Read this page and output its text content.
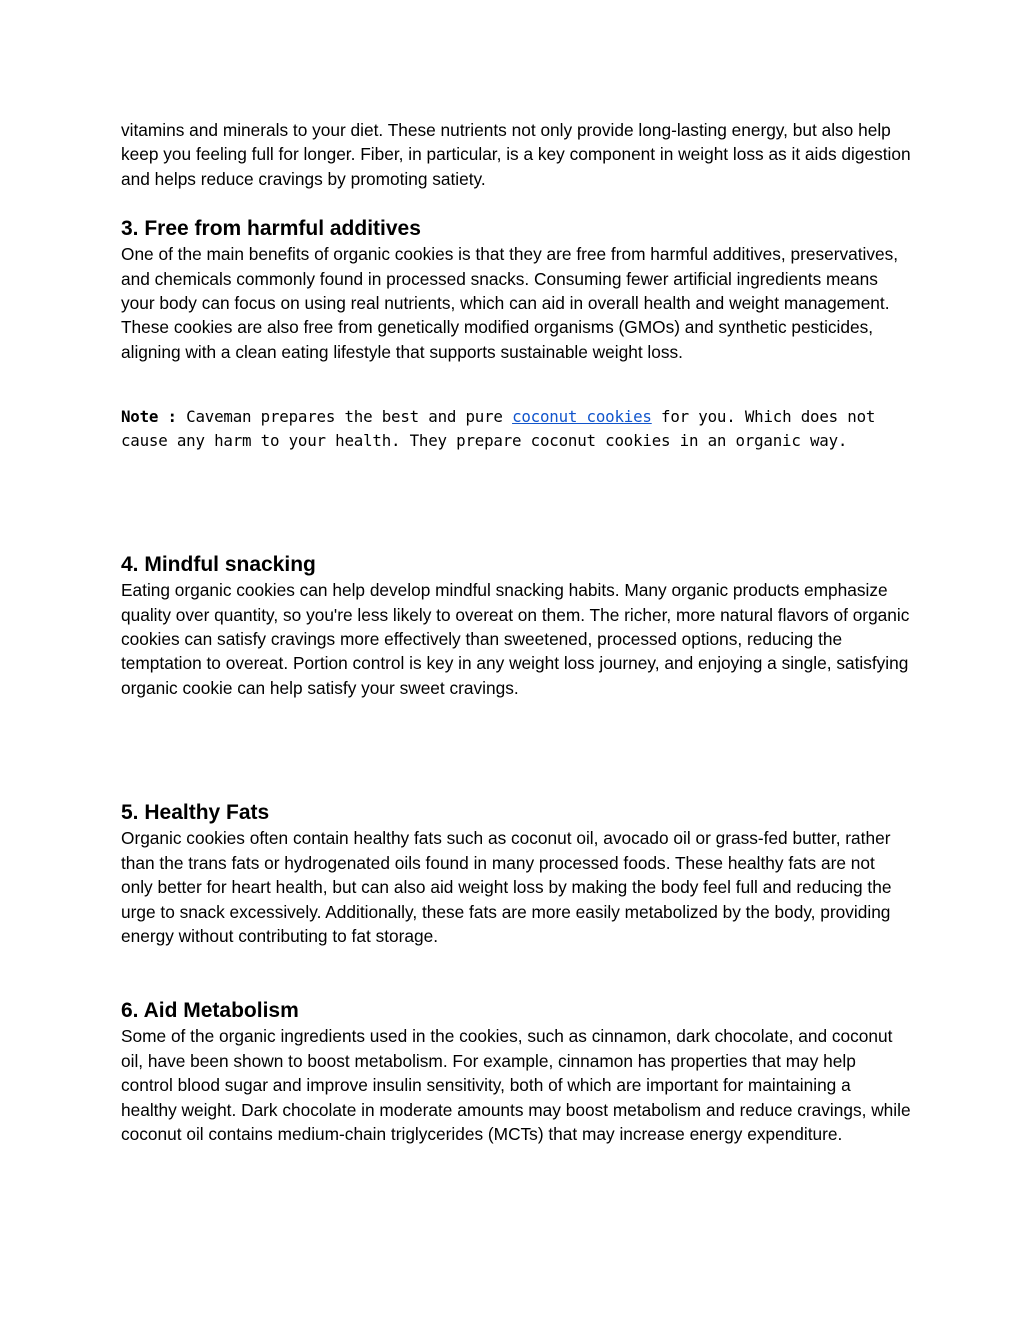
vitamins and minerals to your diet. These nutrients not only provide long-lasting energy, but also help keep you feeling full for longer. Fiber, in particular, is a key component in weight loss as it aids digestion and helps reduce cravings by promoting satiety.

3. Free from harmful additives

One of the main benefits of organic cookies is that they are free from harmful additives, preservatives, and chemicals commonly found in processed snacks. Consuming fewer artificial ingredients means your body can focus on using real nutrients, which can aid in overall health and weight management. These cookies are also free from genetically modified organisms (GMOs) and synthetic pesticides, aligning with a clean eating lifestyle that supports sustainable weight loss.

Note : Caveman prepares the best and pure coconut cookies for you. Which does not cause any harm to your health. They prepare coconut cookies in an organic way.

4. Mindful snacking

Eating organic cookies can help develop mindful snacking habits. Many organic products emphasize quality over quantity, so you're less likely to overeat on them. The richer, more natural flavors of organic cookies can satisfy cravings more effectively than sweetened, processed options, reducing the temptation to overeat. Portion control is key in any weight loss journey, and enjoying a single, satisfying organic cookie can help satisfy your sweet cravings.

5. Healthy Fats

Organic cookies often contain healthy fats such as coconut oil, avocado oil or grass-fed butter, rather than the trans fats or hydrogenated oils found in many processed foods. These healthy fats are not only better for heart health, but can also aid weight loss by making the body feel full and reducing the urge to snack excessively. Additionally, these fats are more easily metabolized by the body, providing energy without contributing to fat storage.

6. Aid Metabolism

Some of the organic ingredients used in the cookies, such as cinnamon, dark chocolate, and coconut oil, have been shown to boost metabolism. For example, cinnamon has properties that may help control blood sugar and improve insulin sensitivity, both of which are important for maintaining a healthy weight. Dark chocolate in moderate amounts may boost metabolism and reduce cravings, while coconut oil contains medium-chain triglycerides (MCTs) that may increase energy expenditure.
